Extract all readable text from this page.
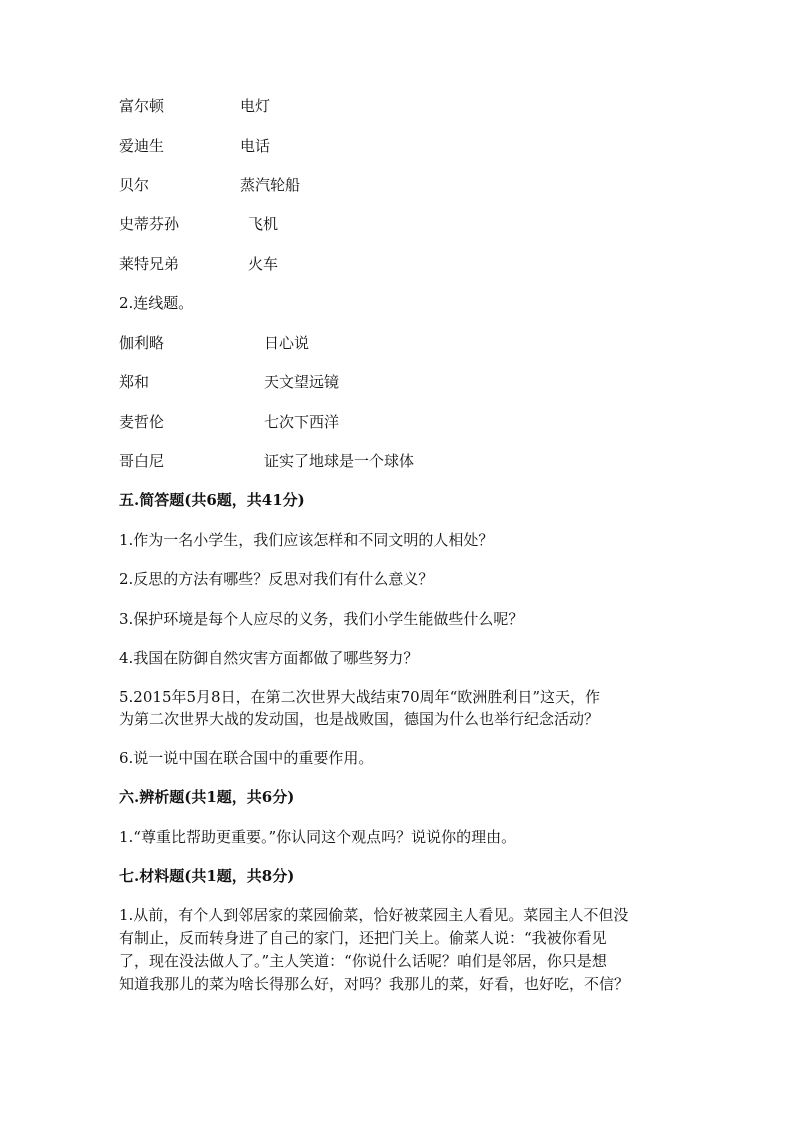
富尔顿	电灯
爱迪生	电话
贝尔	蒸汽轮船
史蒂芬孙	飞机
莱特兄弟	火车
2.连线题。
伽利略	日心说
郑和	天文望远镜
麦哲伦	七次下西洋
哥白尼	证实了地球是一个球体
五.简答题(共6题，共41分)
1.作为一名小学生，我们应该怎样和不同文明的人相处？
2.反思的方法有哪些？反思对我们有什么意义？
3.保护环境是每个人应尽的义务，我们小学生能做些什么呢？
4.我国在防御自然灾害方面都做了哪些努力？
5.2015年5月8日，在第二次世界大战结束70周年“欧洲胜利日”这天，作
为第二次世界大战的发动国，也是战败国，德国为什么也举行纪念活动？
6.说一说中国在联合国中的重要作用。
六.辨析题(共1题，共6分)
1.“尊重比帮助更重要。”你认同这个观点吗？说说你的理由。
七.材料题(共1题，共8分)
1.从前，有个人到邻居家的菜园偷菜，恰好被菜园主人看见。菜园主人不但没
有制止，反而转身进了自己的家门，还把门关上。偷菜人说：“我被你看见
了，现在没法做人了。”主人笑道：“你说什么话呢？咱们是邻居，你只是想
知道我那儿的菜为啥长得那么好，对吗？我那儿的菜，好看，也好吃，不信？
